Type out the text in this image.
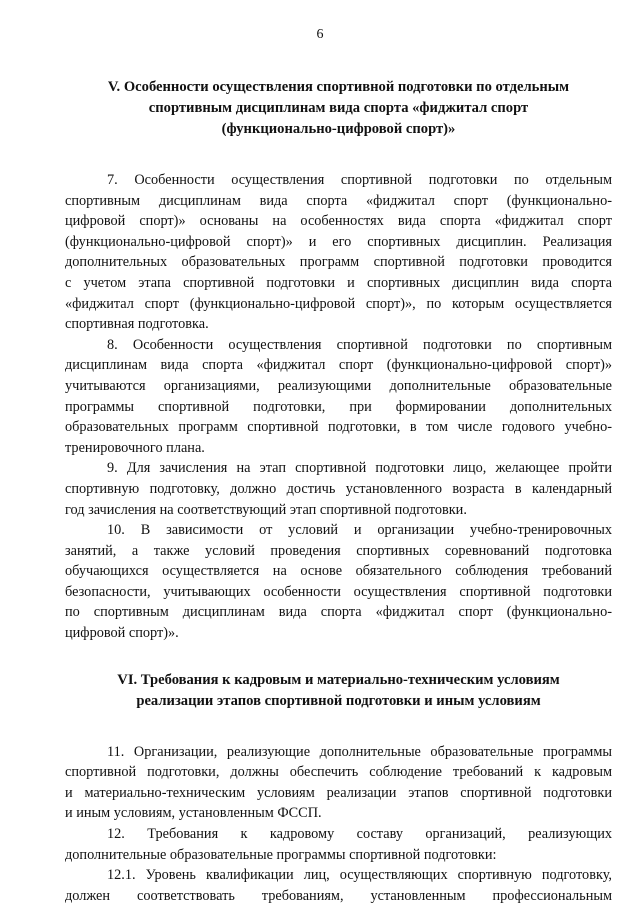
6
V. Особенности осуществления спортивной подготовки по отдельным
спортивным дисциплинам вида спорта «фиджитал спорт
(функционально-цифровой спорт)»

7. Особенности осуществления спортивной подготовки по отдельным
спортивным дисциплинам вида спорта «фиджитал спорт (функционально-
цифровой спорт)» основаны на особенностях вида спорта «фиджитал спорт
(функционально-цифровой спорт)» и его спортивных дисциплин. Реализация
дополнительных образовательных программ спортивной подготовки проводится
с учетом этапа спортивной подготовки и спортивных дисциплин вида спорта
«фиджитал спорт (функционально-цифровой спорт)», по которым осуществляется
спортивная подготовка.

8. Особенности осуществления спортивной подготовки по спортивным
дисциплинам вида спорта «фиджитал спорт (функционально-цифровой спорт)»
учитываются организациями, реализующими дополнительные образовательные
программы спортивной подготовки, при формировании дополнительных
образовательных программ спортивной подготовки, в том числе годового учебно-
тренировочного плана.

9. Для зачисления на этап спортивной подготовки лицо, желающее пройти
спортивную подготовку, должно достичь установленного возраста в календарный
год зачисления на соответствующий этап спортивной подготовки.

10. В зависимости от условий и организации учебно-тренировочных
занятий, а также условий проведения спортивных соревнований подготовка
обучающихся осуществляется на основе обязательного соблюдения требований
безопасности, учитывающих особенности осуществления спортивной подготовки
по спортивным дисциплинам вида спорта «фиджитал спорт (функционально-
цифровой спорт)».

VI. Требования к кадровым и материально-техническим условиям
реализации этапов спортивной подготовки и иным условиям

11. Организации, реализующие дополнительные образовательные программы
спортивной подготовки, должны обеспечить соблюдение требований к кадровым
и материально-техническим условиям реализации этапов спортивной подготовки
и иным условиям, установленным ФССП.

12. Требования к кадровому составу организаций, реализующих
дополнительные образовательные программы спортивной подготовки:

12.1. Уровень квалификации лиц, осуществляющих спортивную подготовку,
должен соответствовать требованиям, установленным профессиональным
